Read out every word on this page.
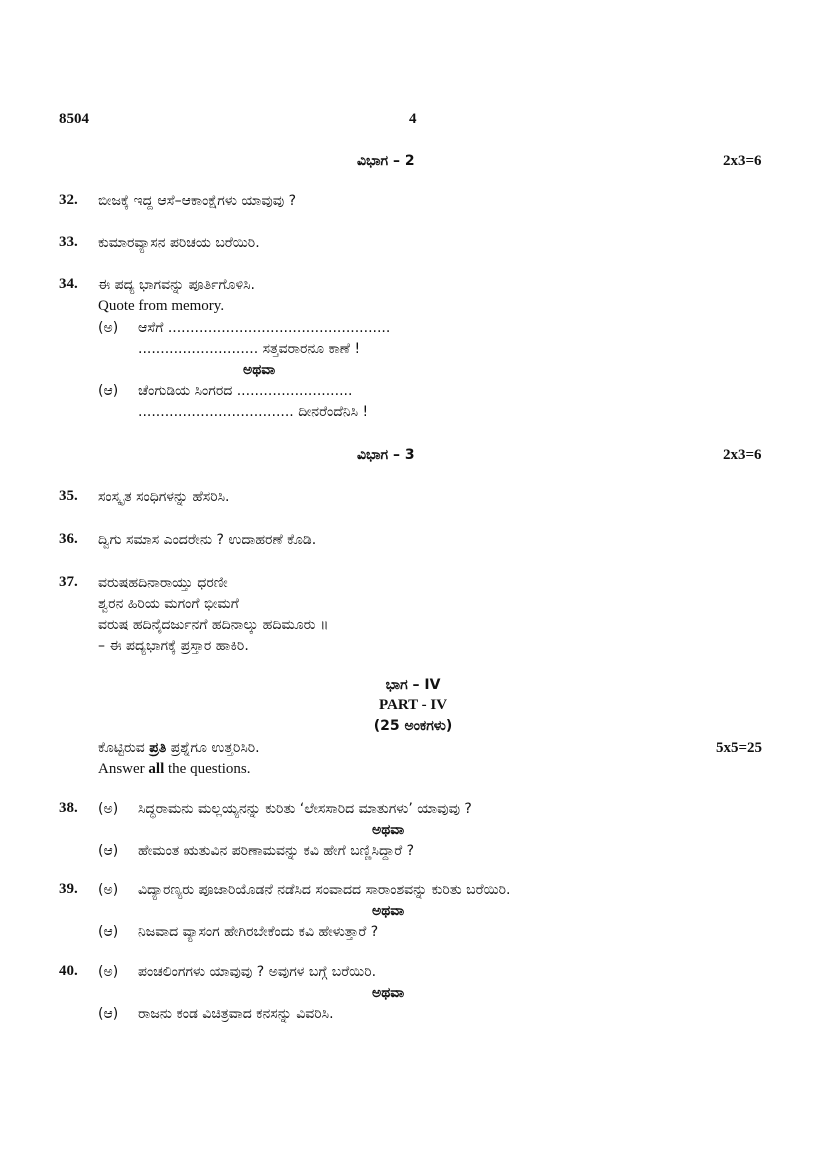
8504	4
ವಿಭಾಗ – 2	2x3=6
32. ಬೀಜಕ್ಕೆ ಇದ್ದ ಆಸೆ–ಆಕಾಂಕ್ಷೆಗಳು ಯಾವುವು ?
33. ಕುಮಾರವ್ಯಾಸನ ಪರಿಚಯ ಬರೆಯಿರಿ.
34. ಈ ಪದ್ಯ ಭಾಗವನ್ನು ಪೂರ್ತಿಗೊಳಿಸಿ.
Quote from memory.
(ಅ) ಆಸೆಗೆ ..................................................
........................... ಸತ್ತವರಾರನೂ ಕಾಣೆ !
ಅಥವಾ
(ಆ) ಚೆಂಗುಡಿಯ ಸಿಂಗರದ ..........................
................................... ದೀನರೆಂದೆನಿಸಿ !
ವಿಭಾಗ – 3	2x3=6
35. ಸಂಸ್ಕೃತ ಸಂಧಿಗಳನ್ನು ಹೆಸರಿಸಿ.
36. ದ್ವಿಗು ಸಮಾಸ ಎಂದರೇನು ? ಉದಾಹರಣೆ ಕೊಡಿ.
37. ವರುಷಹದಿನಾರಾಯ್ತು ಧರಣೀ
ಶ್ವರನ ಹಿರಿಯ ಮಗಂಗೆ ಭೀಮಗೆ
ವರುಷ ಹದಿನೈದರ್ಜುನಗೆ ಹದಿನಾಲ್ಕು ಹದಿಮೂರು ॥
– ಈ ಪದ್ಯಭಾಗಕ್ಕೆ ಪ್ರಸ್ತಾರ ಹಾಕಿರಿ.
ಭಾಗ – IV
PART - IV
(25 ಅಂಕಗಳು)
ಕೊಟ್ಟಿರುವ ಪ್ರತಿ ಪ್ರಶ್ನೆಗೂ ಉತ್ತರಿಸಿರಿ.	5x5=25
Answer all the questions.
38. (ಅ) ಸಿದ್ಧರಾಮನು ಮಲ್ಲಯ್ಯನನ್ನು ಕುರಿತು ‘ಲೇಸಸಾರಿದ ಮಾತುಗಳು’ ಯಾವುವು ?
ಅಥವಾ
(ಆ) ಹೇಮಂತ ಋತುವಿನ ಪರಿಣಾಮವನ್ನು ಕವಿ ಹೇಗೆ ಬಣ್ಣಿಸಿದ್ದಾರೆ ?
39. (ಅ) ವಿದ್ಯಾರಣ್ಯರು ಪೂಜಾರಿಯೊಡನೆ ನಡೆಸಿದ ಸಂವಾದದ ಸಾರಾಂಶವನ್ನು ಕುರಿತು ಬರೆಯಿರಿ.
ಅಥವಾ
(ಆ) ನಿಜವಾದ ವ್ಯಾಸಂಗ ಹೇಗಿರಬೇಕೆಂದು ಕವಿ ಹೇಳುತ್ತಾರೆ ?
40. (ಅ) ಪಂಚಲಿಂಗಗಳು ಯಾವುವು ? ಅವುಗಳ ಬಗ್ಗೆ ಬರೆಯಿರಿ.
ಅಥವಾ
(ಆ) ರಾಜನು ಕಂಡ ವಿಚಿತ್ರವಾದ ಕನಸನ್ನು ವಿವರಿಸಿ.
